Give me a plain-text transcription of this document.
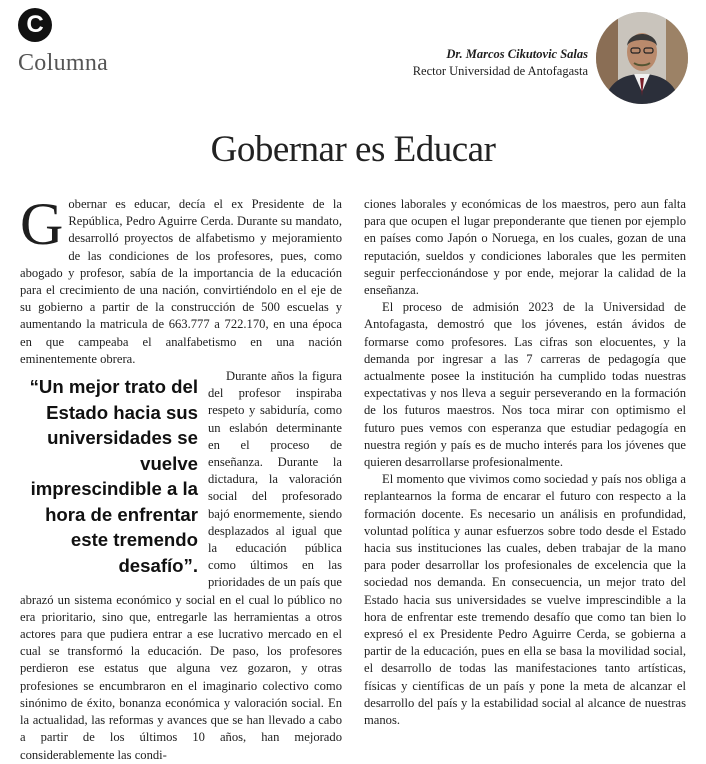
C
Columna	Dr. Marcos Cikutovic Salas
Rector Universidad de Antofagasta
Gobernar es Educar

Gobernar es educar, decía el ex Presidente de la República, Pedro Aguirre Cerda. Durante su mandato, desarrolló proyectos de alfabetismo y mejoramiento de las condiciones de los profesores, pues, como abogado y profesor, sabía de la importancia de la educación para el crecimiento de una nación, convirtiéndolo en el eje de su gobierno a partir de la construcción de 500 escuelas y aumentando la matricula de 663.777 a 722.170, en una época en que campeaba el analfabetismo en una nación eminentemente obrera.

“Un mejor trato del Estado hacia sus universidades se vuelve imprescindible a la hora de enfrentar este tremendo desafío”.

Durante años la figura del profesor inspiraba respeto y sabiduría, como un eslabón determinante en el proceso de enseñanza. Durante la dictadura, la valoración social del profesorado bajó enormemente, siendo desplazados al igual que la educación pública como últimos en las prioridades de un país que abrazó un sistema económico y social en el cual lo público no era prioritario, sino que, entregarle las herramientas a otros actores para que pudiera entrar a ese lucrativo mercado en el cual se transformó la educación. De paso, los profesores perdieron ese estatus que alguna vez gozaron, y otras profesiones se encumbraron en el imaginario colectivo como sinónimo de éxito, bonanza económica y valoración social. En la actualidad, las reformas y avances que se han llevado a cabo a partir de los últimos 10 años, han mejorado considerablemente las condi-

ciones laborales y económicas de los maestros, pero aun falta para que ocupen el lugar preponderante que tienen por ejemplo en países como Japón o Noruega, en los cuales, gozan de una reputación, sueldos y condiciones laborales que les permiten seguir perfeccionándose y por ende, mejorar la calidad de la enseñanza.

El proceso de admisión 2023 de la Universidad de Antofagasta, demostró que los jóvenes, están ávidos de formarse como profesores. Las cifras son elocuentes, y la demanda por ingresar a las 7 carreras de pedagogía que actualmente posee la institución ha cumplido todas nuestras expectativas y nos lleva a seguir perseverando en la formación de los futuros maestros. Nos toca mirar con optimismo el futuro pues vemos con esperanza que estudiar pedagogía en nuestra región y país es de mucho interés para los jóvenes que quieren desarrollarse profesionalmente.

El momento que vivimos como sociedad y país nos obliga a replantearnos la forma de encarar el futuro con respecto a la formación docente. Es necesario un análisis en profundidad, voluntad política y aunar esfuerzos sobre todo desde el Estado hacia sus instituciones las cuales, deben trabajar de la mano para poder desarrollar los profesionales de excelencia que la sociedad nos demanda. En consecuencia, un mejor trato del Estado hacia sus universidades se vuelve imprescindible a la hora de enfrentar este tremendo desafío que como tan bien lo expresó el ex Presidente Pedro Aguirre Cerda, se gobierna a partir de la educación, pues en ella se basa la movilidad social, el desarrollo de todas las manifestaciones tanto artísticas, físicas y científicas de un país y pone la meta de alcanzar el desarrollo del país y la estabilidad social al alcance de nuestras manos.
